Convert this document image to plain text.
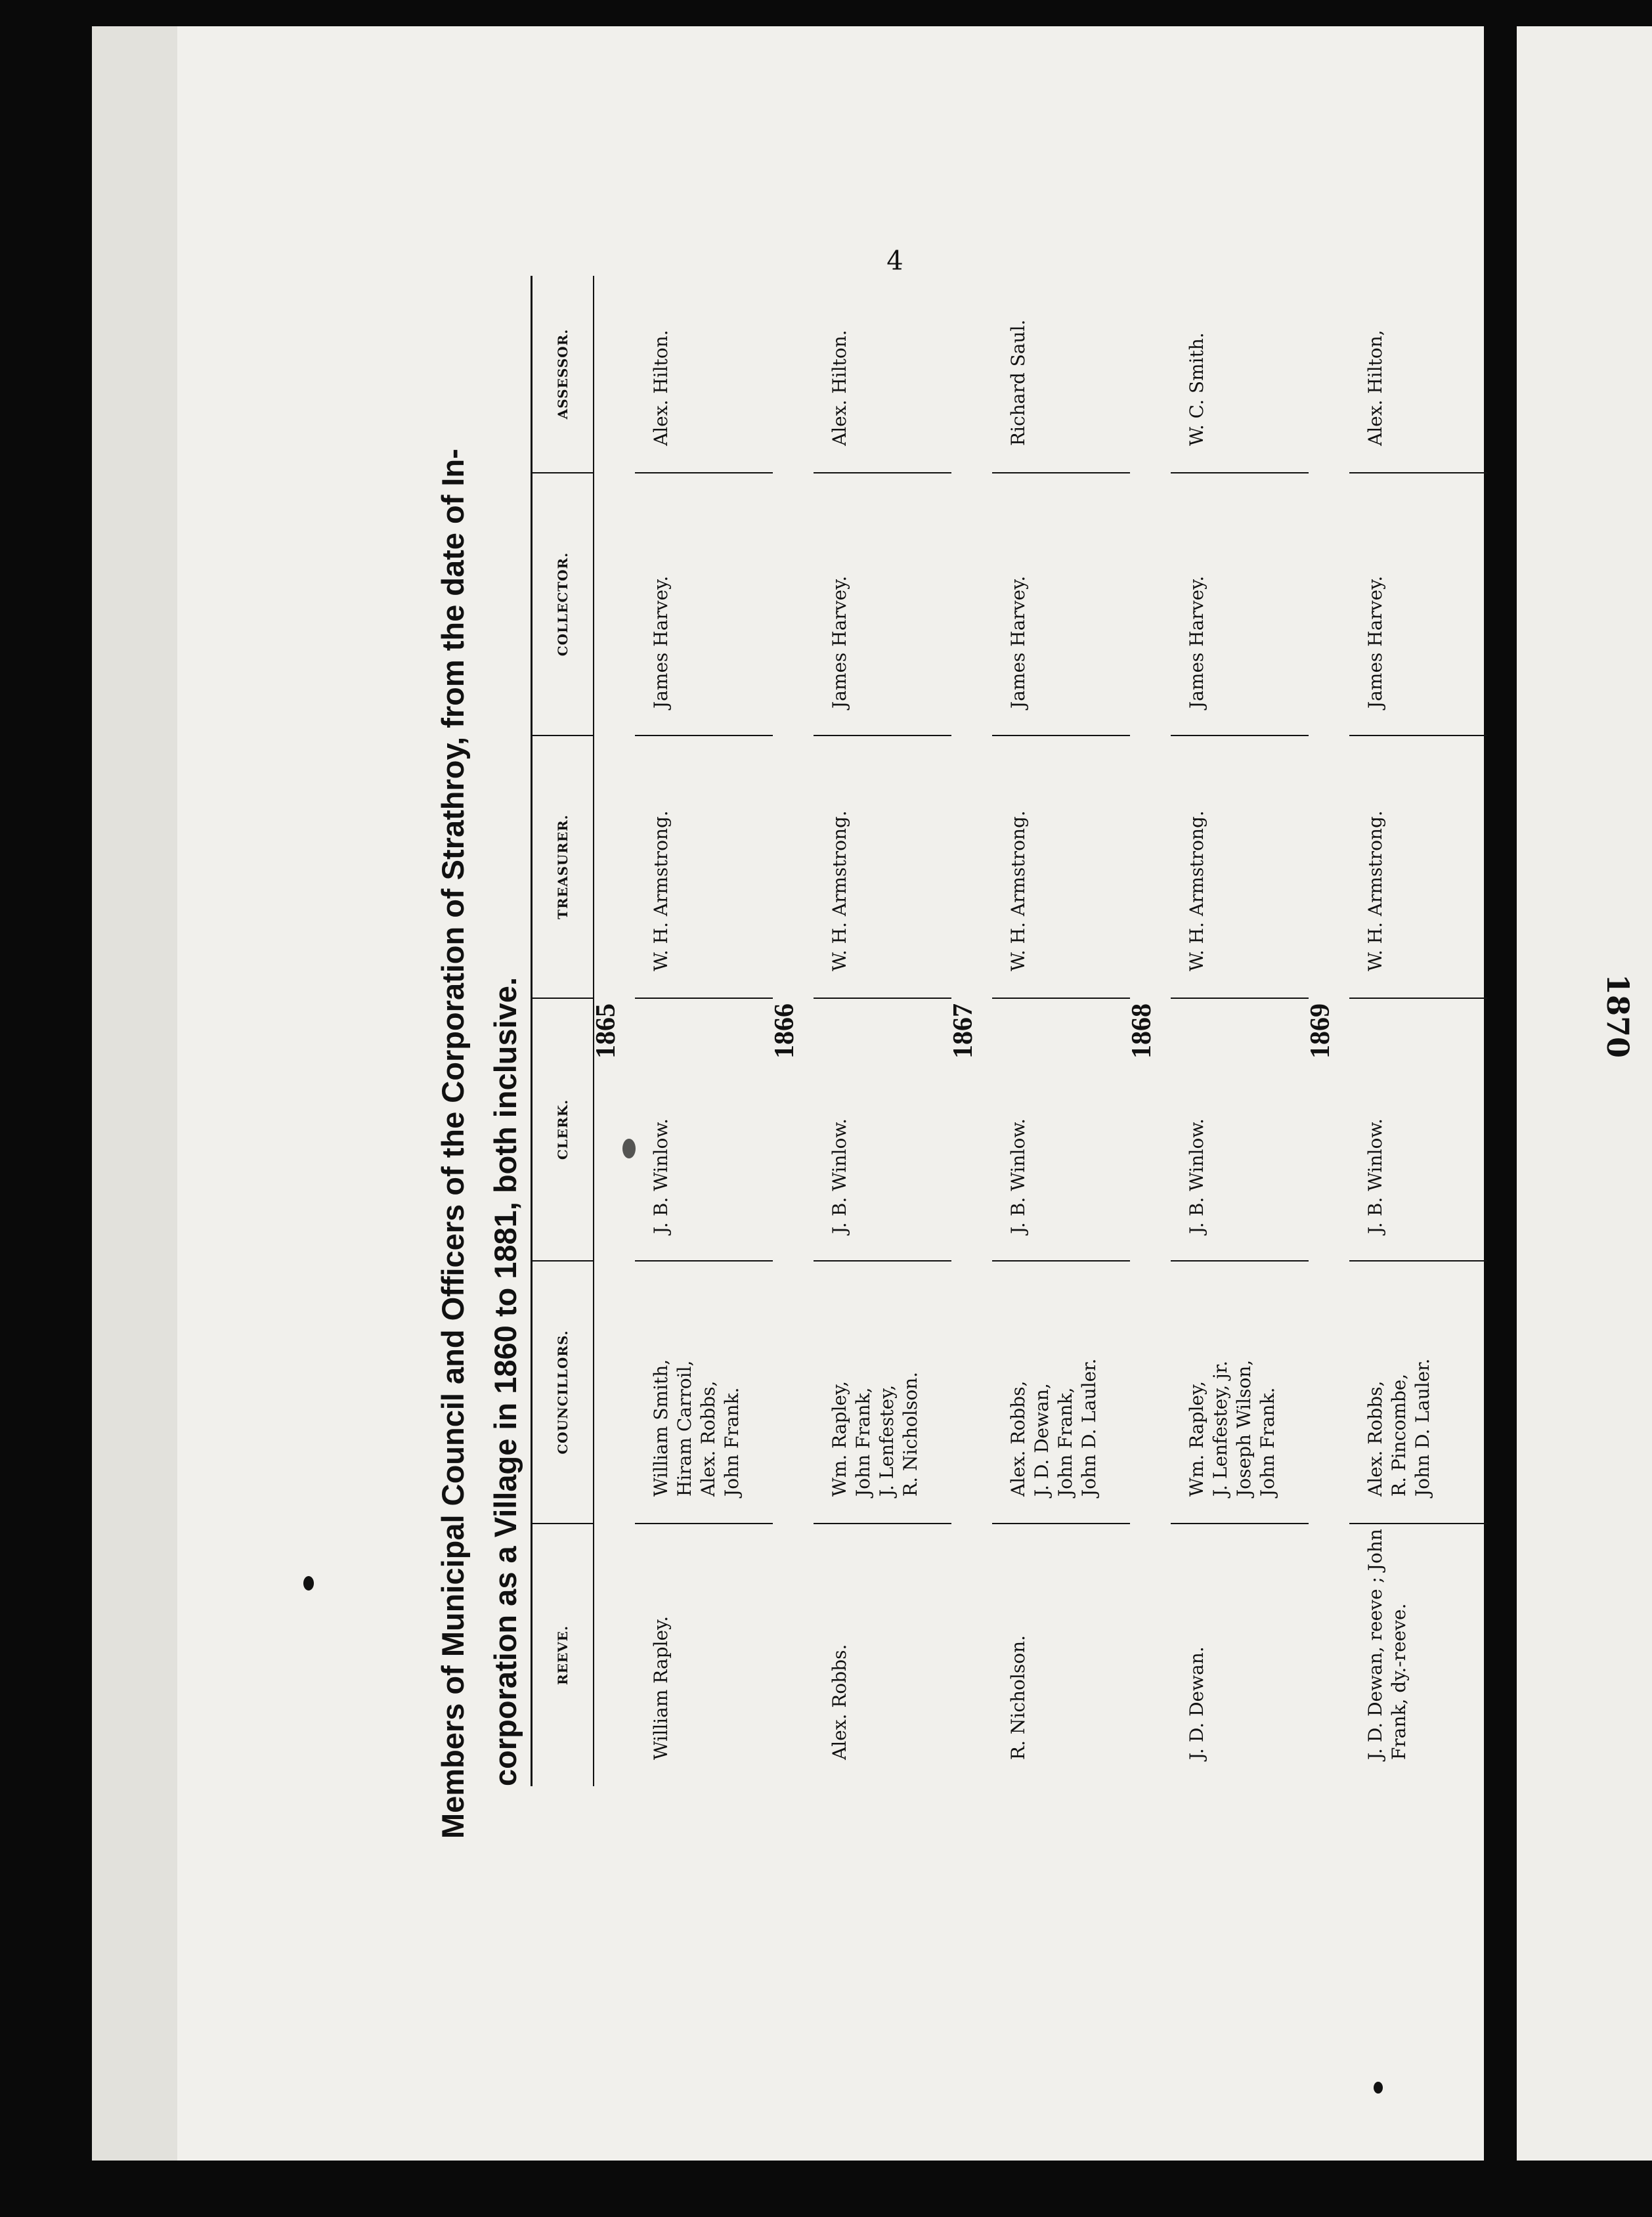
1870
4
Members of Municipal Council and Officers of the Corporation of Strathroy, from the date of In- corporation as a Village in 1860 to 1881, both inclusive.	REEVE.	COUNCILLORS.	CLERK.	TREASURER.	COLLECTOR.	ASSESSOR.
1865					
William Rapley.	William Smith, Hiram Carroil, Alex. Robbs, John Frank.	J. B. Winlow.	W. H. Armstrong.	James Harvey.	Alex. Hilton.
1866					
Alex. Robbs.	Wm. Rapley, John Frank, J. Lenfestey, R. Nicholson.	J. B. Winlow.	W. H. Armstrong.	James Harvey.	Alex. Hilton.
1867					
R. Nicholson.	Alex. Robbs, J. D. Dewan, John Frank, John D. Lauler.	J. B. Winlow.	W. H. Armstrong.	James Harvey.	Richard Saul.
1868					
J. D. Dewan.	Wm. Rapley, J. Lenfestey, jr. Joseph Wilson, John Frank.	J. B. Winlow.	W. H. Armstrong.	James Harvey.	W. C. Smith.
1869					
J. D. Dewan, reeve ; John Frank, dy.-reeve.	Alex. Robbs, R. Pincombe, John D. Lauler.	J. B. Winlow.	W. H. Armstrong.	James Harvey.	Alex. Hilton,
